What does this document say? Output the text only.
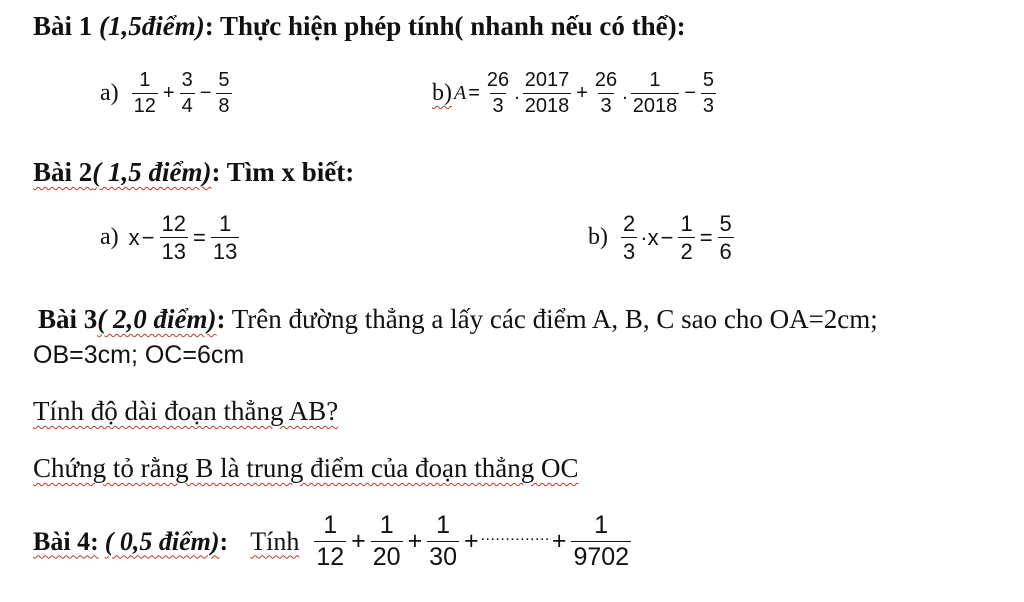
Bài 1 (1,5điểm): Thực hiện phép tính( nhanh nếu có thể):
$a) \frac{1}{12} + \frac{3}{4} - \frac{5}{8}$	b) $A = \frac{26}{3}$ . $\frac{2017}{2018} + \frac{26}{3}$ . $\frac{1}{2018} - \frac{5}{3}$
Bài 2( 1,5 điểm): Tìm x biết:
a) $x - \frac{12}{13} = \frac{1}{13}$	$b) \frac{2}{3} \cdot x - \frac{1}{2} = \frac{5}{6}$
Bài 3( 2,0 điểm): Trên đường thẳng a lấy các điểm A, B, C sao cho OA=2cm;
OB=3cm; OC=6cm
Tính độ dài đoạn thẳng AB?
Chứng tỏ rằng B là trung điểm của đoạn thẳng OC
Bài 4: ( 0,5 điểm) : Tính $\frac{1}{12} + \frac{1}{20} + \frac{1}{30}$ + .............. + $\frac{1}{9702}$
